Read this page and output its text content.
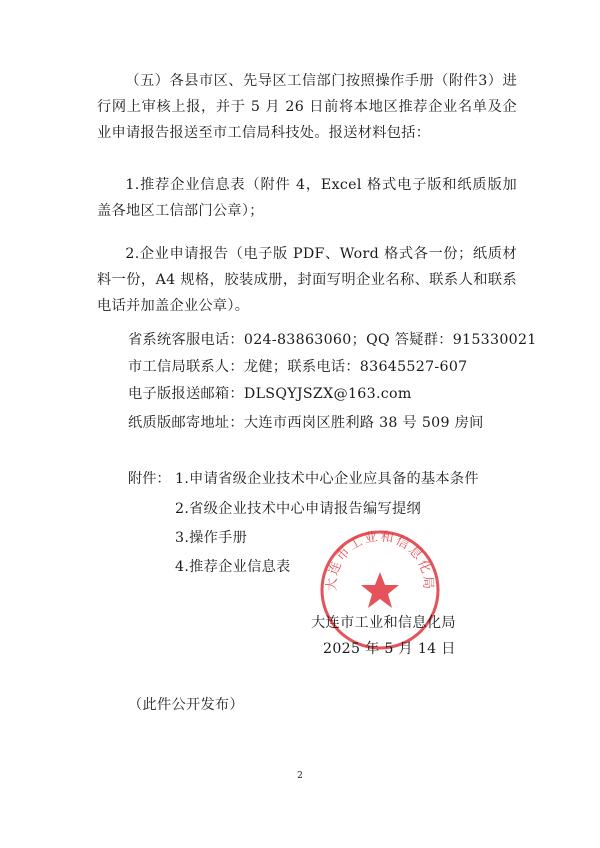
（五）各县市区、先导区工信部门按照操作手册（附件3）进行网上审核上报，并于 5 月 26 日前将本地区推荐企业名单及企业申请报告报送至市工信局科技处。报送材料包括：
1.推荐企业信息表（附件 4，Excel 格式电子版和纸质版加盖各地区工信部门公章）；
2.企业申请报告（电子版 PDF、Word 格式各一份；纸质材料一份，A4 规格，胶装成册，封面写明企业名称、联系人和联系电话并加盖企业公章）。
省系统客服电话：024-83863060；QQ 答疑群：915330021
市工信局联系人：龙健；联系电话：83645527-607
电子版报送邮箱：DLSQYJSZX@163.com
纸质版邮寄地址：大连市西岗区胜利路 38 号 509 房间
附件： 1.申请省级企业技术中心企业应具备的基本条件
2.省级企业技术中心申请报告编写提纲
3.操作手册
4.推荐企业信息表
大连市工业和信息化局
大连市工业和信息化局
2025 年 5 月 14 日
（此件公开发布）
2
